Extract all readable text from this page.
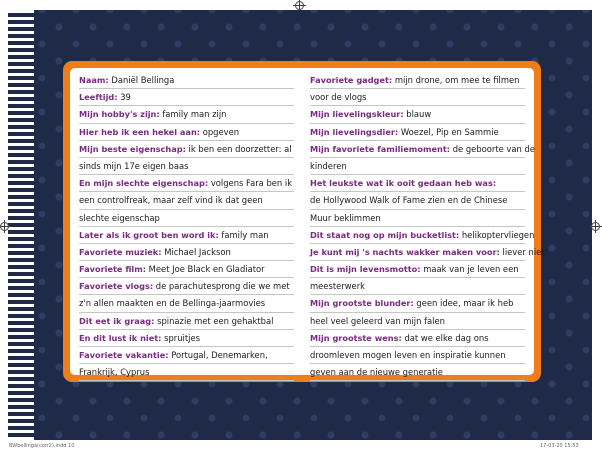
Naam: Daniël Bellinga
Leeftijd: 39
Mijn hobby's zijn: family man zijn
Hier heb ik een hekel aan: opgeven
Mijn beste eigenschap: ik ben een doorzetter: al
sinds mijn 17e eigen baas
En mijn slechte eigenschap: volgens Fara ben ik
een controlfreak, maar zelf vind ik dat geen
slechte eigenschap
Later als ik groot ben word ik: family man
Favoriete muziek: Michael Jackson
Favoriete film: Meet Joe Black en Gladiator
Favoriete vlogs: de parachutesprong die we met
z'n allen maakten en de Bellinga-jaarmovies
Dit eet ik graag: spinazie met een gehaktbal
En dit lust ik niet: spruitjes
Favoriete vakantie: Portugal, Denemarken,
Frankrijk, Cyprus
Favoriete gadget: mijn drone, om mee te filmen
voor de vlogs
Mijn lievelingskleur: blauw
Mijn lievelingsdier: Woezel, Pip en Sammie
Mijn favoriete familiemoment: de geboorte van de
kinderen
Het leukste wat ik ooit gedaan heb was:
de Hollywood Walk of Fame zien en de Chinese
Muur beklimmen
Dit staat nog op mijn bucketlist: helikoptervliegen
Je kunt mij 's nachts wakker maken voor: liever niet!
Dit is mijn levensmotto: maak van je leven een
meesterwerk
Mijn grootste blunder: geen idee, maar ik heb
heel veel geleerd van mijn falen
Mijn grootste wens: dat we elke dag ons
droomleven mogen leven en inspiratie kunnen
geven aan de nieuwe generatie
BWbellinga(corr2).indd 10	17-03-20 15:53
